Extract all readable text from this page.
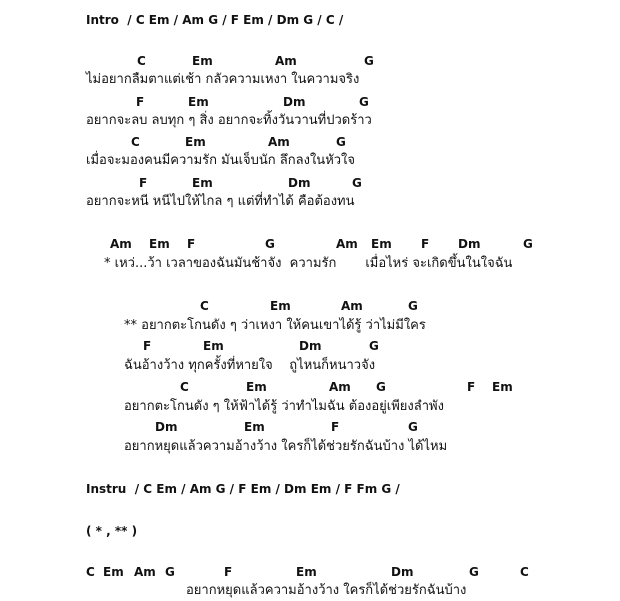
Intro  / C Em / Am G / F Em / Dm G / C /
C	Em	Am	G
ไม่อยากลืมตาแต่เช้า กลัวความเหงา ในความจริง
F	Em	Dm	G
อยากจะลบ ลบทุก ๆ สิ่ง อยากจะทิ้งวันวานที่ปวดร้าว
C	Em	Am	G
เมื่อจะมองคนมีความรัก มันเจ็บนัก ลึกลงในหัวใจ
F	Em	Dm	G
อยากจะหนี หนีไปให้ไกล ๆ แต่ที่ทำได้ คือต้องทน
Am Em F	G	Am Em F Dm	G
* เหว่...ว้า เวลาของฉันมันช้าจัง  ความรัก       เมื่อไหร่ จะเกิดขึ้นในใจฉัน
C	Em	Am	G
** อยากตะโกนดัง ๆ ว่าเหงา ให้คนเขาได้รู้ ว่าไม่มีใคร
F	Em	Dm	G
ฉันอ้างว้าง ทุกครั้งที่หายใจ    ถูไหนก็หนาวจัง
C	Em	Am G	F Em
อยากตะโกนดัง ๆ ให้ฟ้าได้รู้ ว่าทำไมฉัน ต้องอยู่เพียงลำพัง
Dm	Em	F	G
อยากหยุดแล้วความอ้างว้าง ใครก็ได้ช่วยรักฉันบ้าง ได้ไหม
Instru  / C Em / Am G / F Em / Dm Em / F Fm G /
( * , ** )
C Em Am G	F	Em	Dm	G	C
อยากหยุดแล้วความอ้างว้าง ใครก็ได้ช่วยรักฉันบ้าง
